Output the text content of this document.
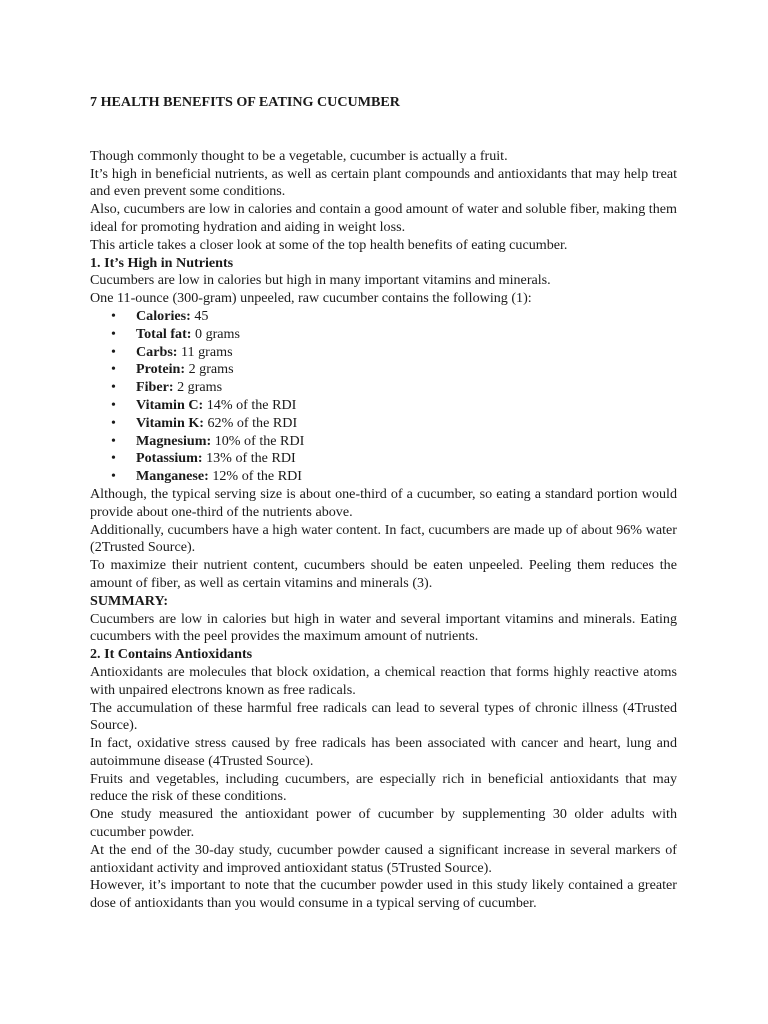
7 HEALTH BENEFITS OF EATING CUCUMBER

Though commonly thought to be a vegetable, cucumber is actually a fruit.

It’s high in beneficial nutrients, as well as certain plant compounds and antioxidants that may help treat and even prevent some conditions.

Also, cucumbers are low in calories and contain a good amount of water and soluble fiber, making them ideal for promoting hydration and aiding in weight loss.

This article takes a closer look at some of the top health benefits of eating cucumber.

1. It’s High in Nutrients

Cucumbers are low in calories but high in many important vitamins and minerals.

One 11-ounce (300-gram) unpeeled, raw cucumber contains the following (1):

• Calories: 45
• Total fat: 0 grams
• Carbs: 11 grams
• Protein: 2 grams
• Fiber: 2 grams
• Vitamin C: 14% of the RDI
• Vitamin K: 62% of the RDI
• Magnesium: 10% of the RDI
• Potassium: 13% of the RDI
• Manganese: 12% of the RDI

Although, the typical serving size is about one-third of a cucumber, so eating a standard portion would provide about one-third of the nutrients above.

Additionally, cucumbers have a high water content. In fact, cucumbers are made up of about 96% water (2Trusted Source).

To maximize their nutrient content, cucumbers should be eaten unpeeled. Peeling them reduces the amount of fiber, as well as certain vitamins and minerals (3).

SUMMARY:

Cucumbers are low in calories but high in water and several important vitamins and minerals. Eating cucumbers with the peel provides the maximum amount of nutrients.

2. It Contains Antioxidants

Antioxidants are molecules that block oxidation, a chemical reaction that forms highly reactive atoms with unpaired electrons known as free radicals.

The accumulation of these harmful free radicals can lead to several types of chronic illness (4Trusted Source).

In fact, oxidative stress caused by free radicals has been associated with cancer and heart, lung and autoimmune disease (4Trusted Source).

Fruits and vegetables, including cucumbers, are especially rich in beneficial antioxidants that may reduce the risk of these conditions.

One study measured the antioxidant power of cucumber by supplementing 30 older adults with cucumber powder.

At the end of the 30-day study, cucumber powder caused a significant increase in several markers of antioxidant activity and improved antioxidant status (5Trusted Source).

However, it’s important to note that the cucumber powder used in this study likely contained a greater dose of antioxidants than you would consume in a typical serving of cucumber.
